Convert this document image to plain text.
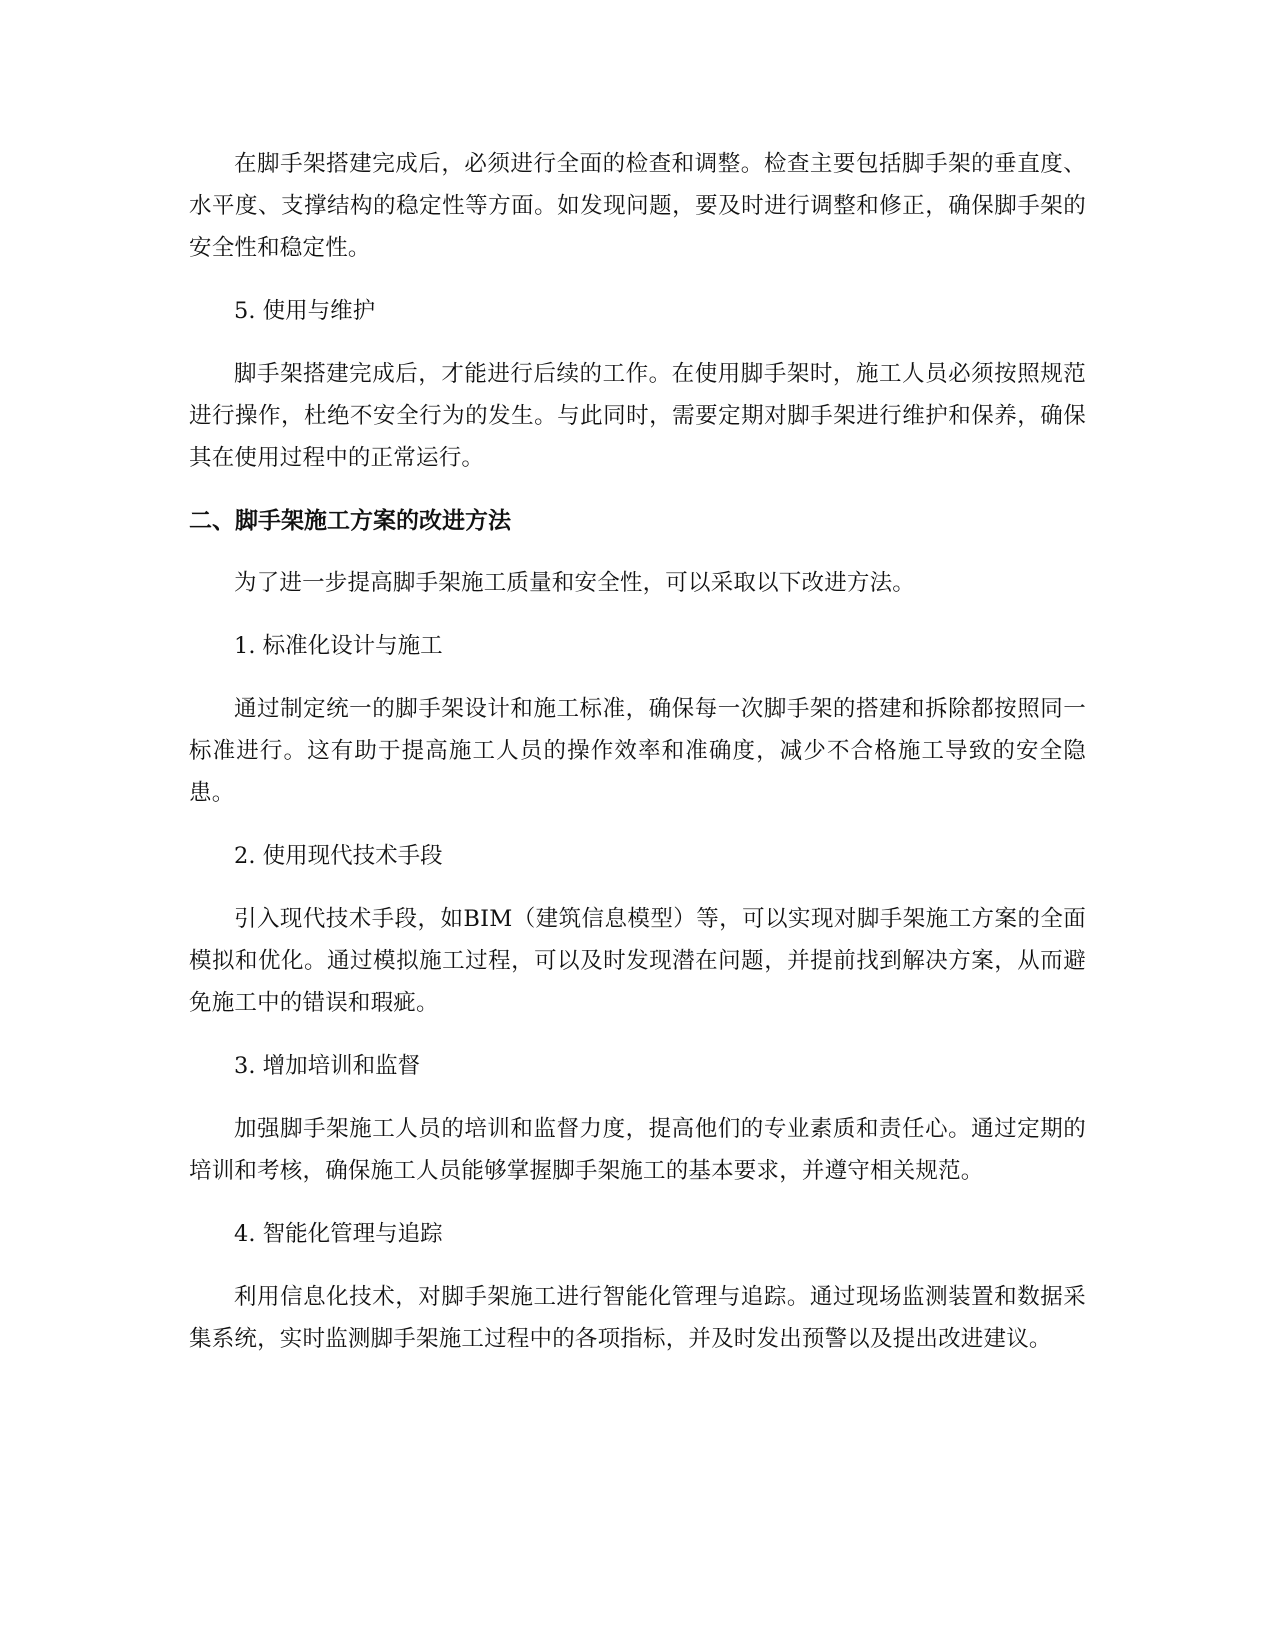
在脚手架搭建完成后，必须进行全面的检查和调整。检查主要包括脚手架的垂直度、水平度、支撑结构的稳定性等方面。如发现问题，要及时进行调整和修正，确保脚手架的安全性和稳定性。

5. 使用与维护

脚手架搭建完成后，才能进行后续的工作。在使用脚手架时，施工人员必须按照规范进行操作，杜绝不安全行为的发生。与此同时，需要定期对脚手架进行维护和保养，确保其在使用过程中的正常运行。

二、脚手架施工方案的改进方法

为了进一步提高脚手架施工质量和安全性，可以采取以下改进方法。

1. 标准化设计与施工

通过制定统一的脚手架设计和施工标准，确保每一次脚手架的搭建和拆除都按照同一标准进行。这有助于提高施工人员的操作效率和准确度，减少不合格施工导致的安全隐患。

2. 使用现代技术手段

引入现代技术手段，如BIM（建筑信息模型）等，可以实现对脚手架施工方案的全面模拟和优化。通过模拟施工过程，可以及时发现潜在问题，并提前找到解决方案，从而避免施工中的错误和瑕疵。

3. 增加培训和监督

加强脚手架施工人员的培训和监督力度，提高他们的专业素质和责任心。通过定期的培训和考核，确保施工人员能够掌握脚手架施工的基本要求，并遵守相关规范。

4. 智能化管理与追踪

利用信息化技术，对脚手架施工进行智能化管理与追踪。通过现场监测装置和数据采集系统，实时监测脚手架施工过程中的各项指标，并及时发出预警以及提出改进建议。
